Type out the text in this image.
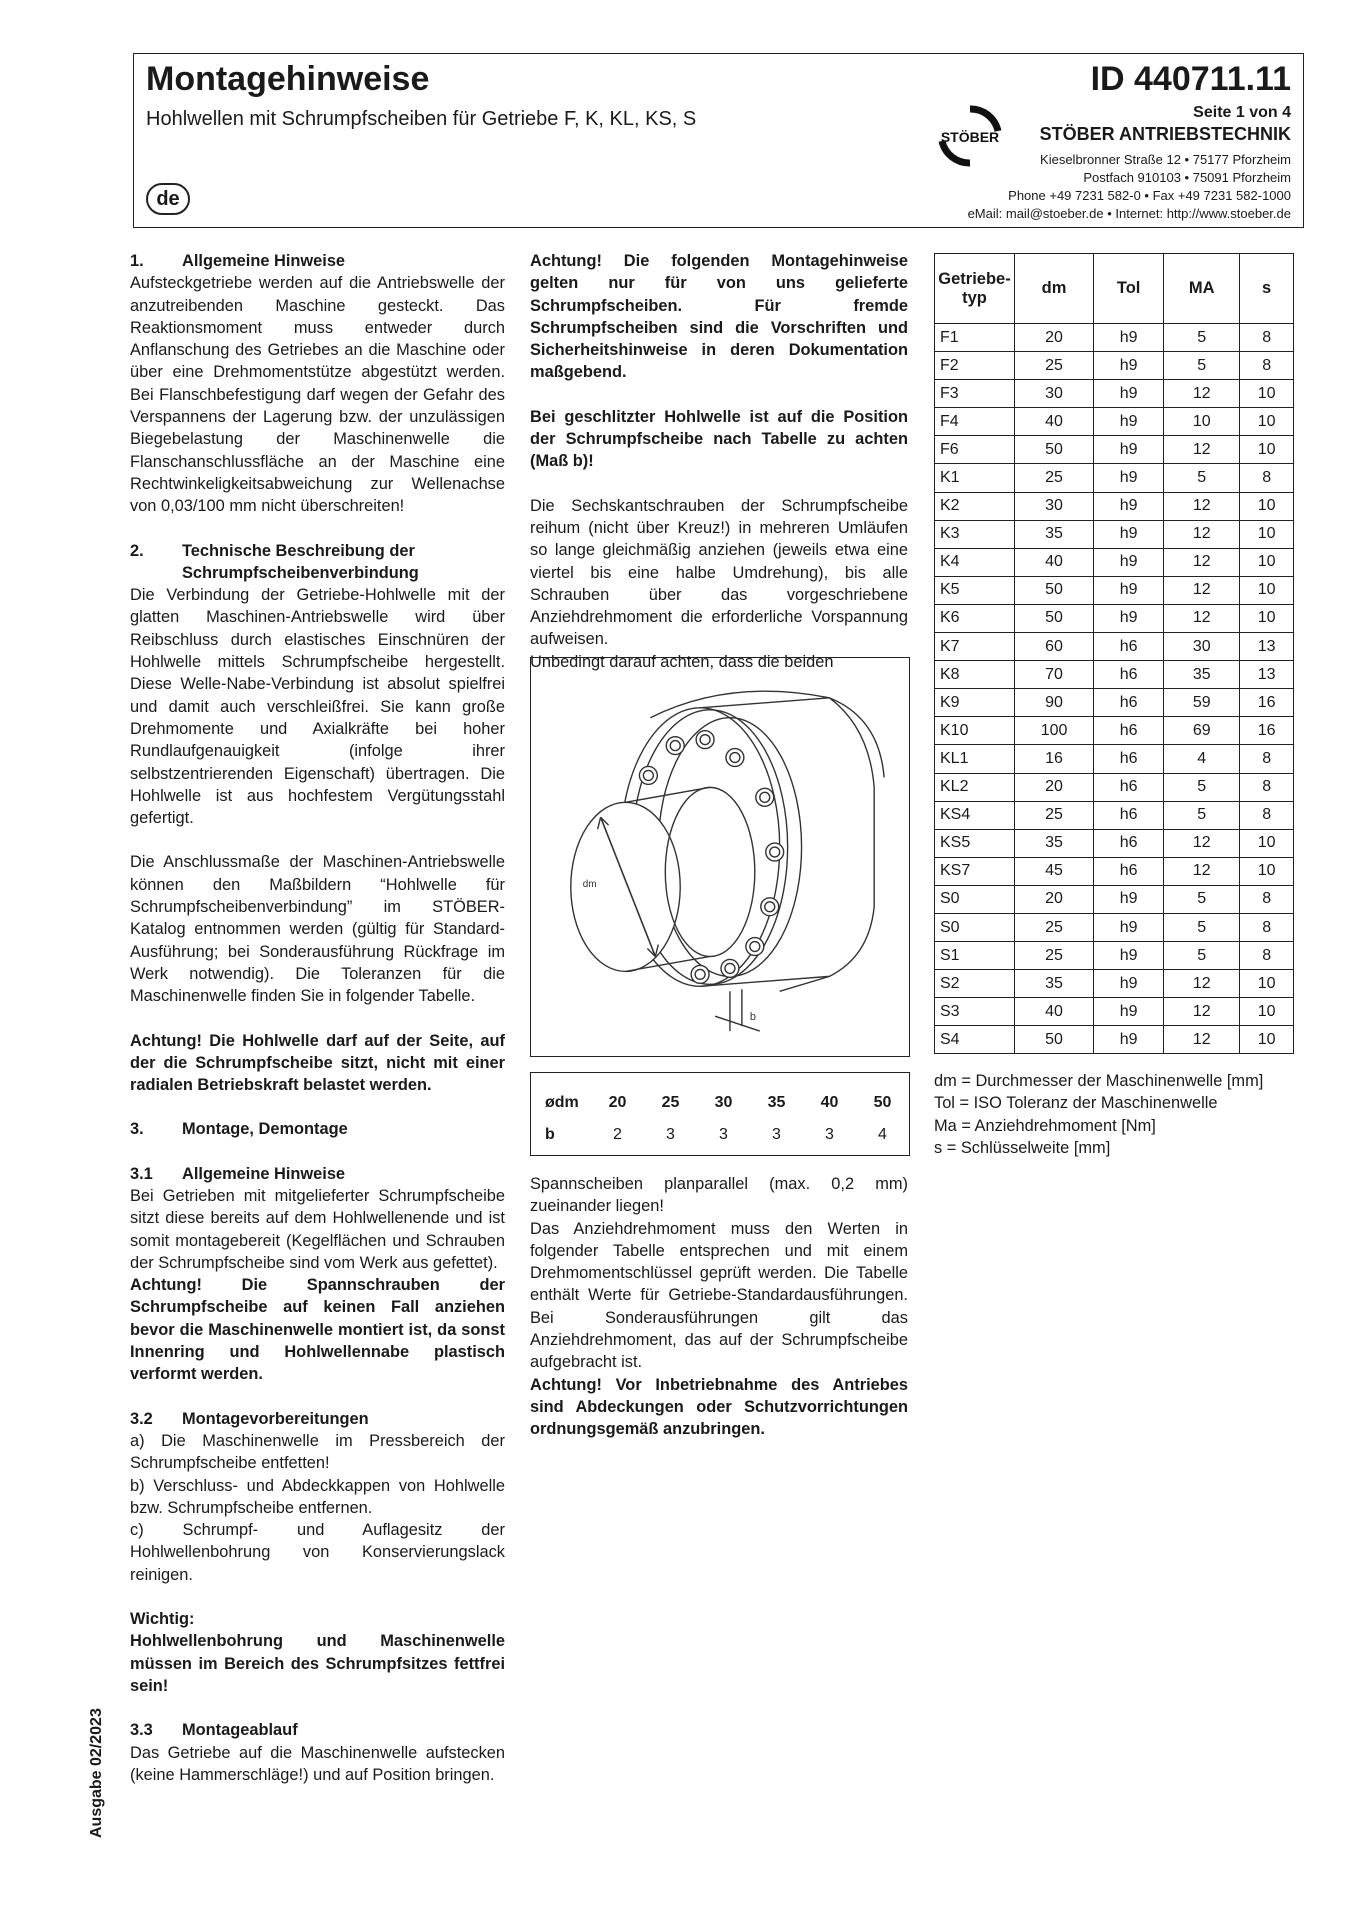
Montagehinweise
Hohlwellen mit Schrumpfscheiben für Getriebe F, K, KL, KS, S
de
ID 440711.11
Seite 1 von 4
STÖBER STÖBER ANTRIEBSTECHNIK
Kieselbronner Straße 12 • 75177 Pforzheim
Postfach 910103 • 75091 Pforzheim
Phone +49 7231 582-0 • Fax +49 7231 582-1000
eMail: mail@stoeber.de • Internet: http://www.stoeber.de
1.	Allgemeine Hinweise

Aufsteckgetriebe werden auf die Antriebswelle der anzutreibenden Maschine gesteckt. Das Reaktionsmoment muss entweder durch Anflanschung des Getriebes an die Maschine oder über eine Drehmomentstütze abgestützt werden. Bei Flanschbefestigung darf wegen der Gefahr des Verspannens der Lagerung bzw. der unzulässigen Biegebelastung der Maschinenwelle die Flanschanschlussfläche an der Maschine eine Rechtwinkeligkeitsabweichung zur Wellenachse von 0,03/100 mm nicht überschreiten!

2.	Technische Beschreibung der Schrumpfscheibenverbindung

Die Verbindung der Getriebe-Hohlwelle mit der glatten Maschinen-Antriebswelle wird über Reibschluss durch elastisches Einschnüren der Hohlwelle mittels Schrumpfscheibe hergestellt. Diese Welle-Nabe-Verbindung ist absolut spielfrei und damit auch verschleißfrei. Sie kann große Drehmomente und Axialkräfte bei hoher Rundlaufgenauigkeit (infolge ihrer selbstzentrierenden Eigenschaft) übertragen. Die Hohlwelle ist aus hochfestem Vergütungsstahl gefertigt.

Die Anschlussmaße der Maschinen-Antriebswelle können den Maßbildern “Hohlwelle für Schrumpfscheibenverbindung” im STÖBER-Katalog entnommen werden (gültig für Standard-Ausführung; bei Sonderausführung Rückfrage im Werk notwendig). Die Toleranzen für die Maschinenwelle finden Sie in folgender Tabelle.

Achtung! Die Hohlwelle darf auf der Seite, auf der die Schrumpfscheibe sitzt, nicht mit einer radialen Betriebskraft belastet werden.

3.	Montage, Demontage
3.1	Allgemeine Hinweise

Bei Getrieben mit mitgelieferter Schrumpfscheibe sitzt diese bereits auf dem Hohlwellenende und ist somit montagebereit (Kegelflächen und Schrauben der Schrumpfscheibe sind vom Werk aus gefettet).

Achtung! Die Spannschrauben der Schrumpfscheibe auf keinen Fall anziehen bevor die Maschinenwelle montiert ist, da sonst Innenring und Hohlwellennabe plastisch verformt werden.

3.2	Montagevorbereitungen

a) Die Maschinenwelle im Pressbereich der Schrumpfscheibe entfetten!

b) Verschluss- und Abdeckkappen von Hohlwelle bzw. Schrumpfscheibe entfernen.

c) Schrumpf- und Auflagesitz der Hohlwellenbohrung von Konservierungslack reinigen.

Wichtig:

Hohlwellenbohrung und Maschinenwelle müssen im Bereich des Schrumpfsitzes fettfrei sein!

3.3	Montageablauf

Das Getriebe auf die Maschinenwelle aufstecken (keine Hammerschläge!) und auf Position bringen.

Achtung! Die folgenden Montagehinweise gelten nur für von uns gelieferte Schrumpfscheiben. Für fremde Schrumpfscheiben sind die Vorschriften und Sicherheitshinweise in deren Dokumentation maßgebend.

Bei geschlitzter Hohlwelle ist auf die Position der Schrumpfscheibe nach Tabelle zu achten (Maß b)!

Die Sechskantschrauben der Schrumpfscheibe reihum (nicht über Kreuz!) in mehreren Umläufen so lange gleichmäßig anziehen (jeweils etwa eine viertel bis eine halbe Umdrehung), bis alle Schrauben über das vorgeschriebene Anziehdrehmoment die erforderliche Vorspannung aufweisen.

Unbedingt darauf achten, dass die beiden

dm
b
ødm	20	25	30	35	40	50
b	2	3	3	3	3	4

Spannscheiben planparallel (max. 0,2 mm) zueinander liegen!

Das Anziehdrehmoment muss den Werten in folgender Tabelle entsprechen und mit einem Drehmomentschlüssel geprüft werden. Die Tabelle enthält Werte für Getriebe-Standardausführungen. Bei Sonderausführungen gilt das Anziehdrehmoment, das auf der Schrumpfscheibe aufgebracht ist.

Achtung! Vor Inbetriebnahme des Antriebes sind Abdeckungen oder Schutzvorrichtungen ordnungsgemäß anzubringen.

Getriebe-typ	dm	Tol	MA	s
F1	20	h9	5	8
F2	25	h9	5	8
F3	30	h9	12	10
F4	40	h9	10	10
F6	50	h9	12	10
K1	25	h9	5	8
K2	30	h9	12	10
K3	35	h9	12	10
K4	40	h9	12	10
K5	50	h9	12	10
K6	50	h9	12	10
K7	60	h6	30	13
K8	70	h6	35	13
K9	90	h6	59	16
K10	100	h6	69	16
KL1	16	h6	4	8
KL2	20	h6	5	8
KS4	25	h6	5	8
KS5	35	h6	12	10
KS7	45	h6	12	10
S0	20	h9	5	8
S0	25	h9	5	8
S1	25	h9	5	8
S2	35	h9	12	10
S3	40	h9	12	10
S4	50	h9	12	10
dm = Durchmesser der Maschinenwelle [mm]
Tol = ISO Toleranz der Maschinenwelle
Ma = Anziehdrehmoment [Nm]
s = Schlüsselweite [mm]
Ausgabe 02/2023
